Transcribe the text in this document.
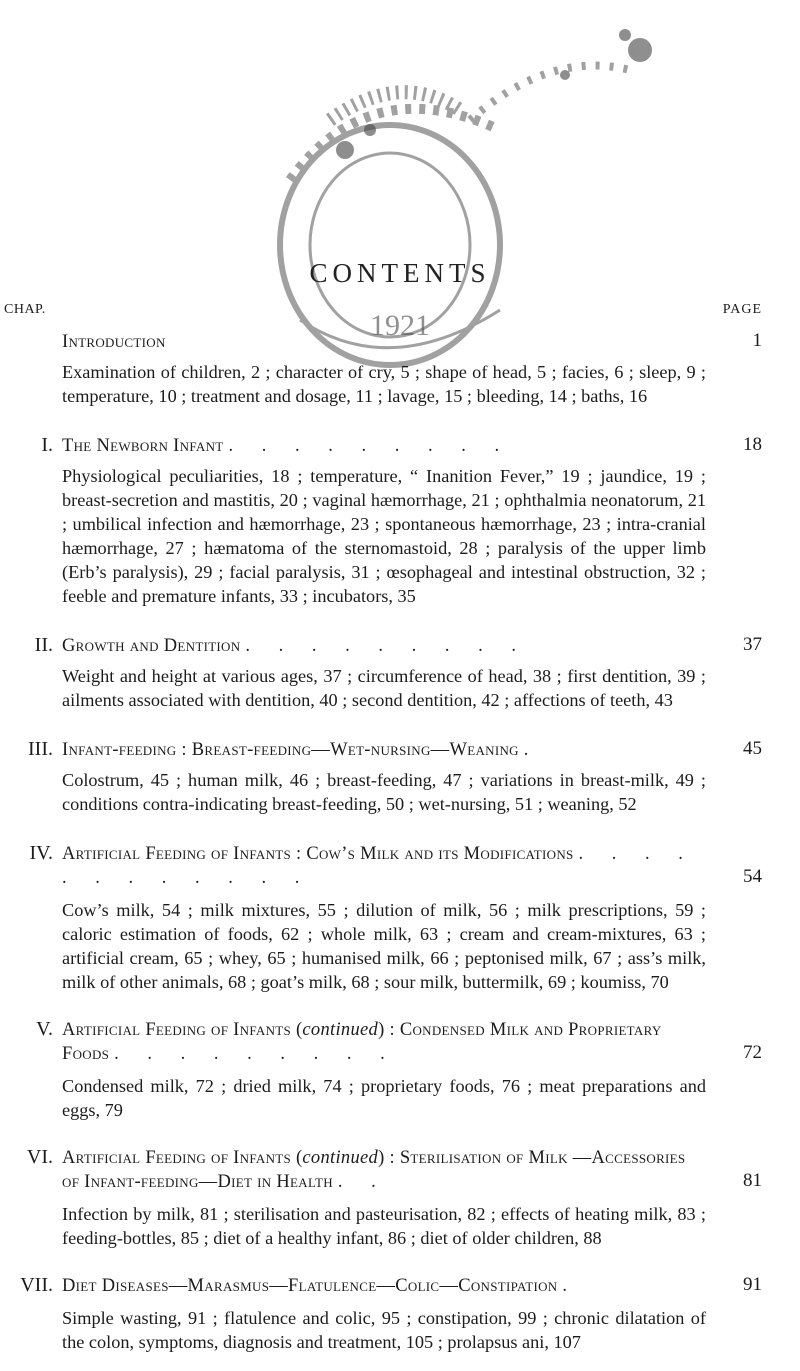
1921
CONTENTS
CHAP.	PAGE
Introduction	1
Examination of children, 2 ; character of cry, 5 ; shape of head, 5 ; facies, 6 ; sleep, 9 ; temperature, 10 ; treatment and dosage, 11 ; lavage, 15 ; bleeding, 14 ; baths, 16
I. The Newborn Infant . . . . . . . . .	18
Physiological peculiarities, 18 ; temperature, “ Inanition Fever,” 19 ; jaundice, 19 ; breast-secretion and mastitis, 20 ; vaginal hæmorrhage, 21 ; ophthalmia neonatorum, 21 ; umbilical infection and hæmorrhage, 23 ; spontaneous hæmorrhage, 23 ; intra-cranial hæmorrhage, 27 ; hæmatoma of the sternomastoid, 28 ; paralysis of the upper limb (Erb’s paralysis), 29 ; facial paralysis, 31 ; œsophageal and intestinal obstruction, 32 ; feeble and premature infants, 33 ; incubators, 35
II. Growth and Dentition . . . . . . . . .	37
Weight and height at various ages, 37 ; circumference of head, 38 ; first dentition, 39 ; ailments associated with dentition, 40 ; second dentition, 42 ; affections of teeth, 43
III. Infant-feeding : Breast-feeding—Wet-nursing—Weaning .	45
Colostrum, 45 ; human milk, 46 ; breast-feeding, 47 ; variations in breast-milk, 49 ; conditions contra-indicating breast-feeding, 50 ; wet-nursing, 51 ; weaning, 52
IV. Artificial Feeding of Infants : Cow’s Milk and its Modifications . . . . . . . . . . . .	54
Cow’s milk, 54 ; milk mixtures, 55 ; dilution of milk, 56 ; milk prescriptions, 59 ; caloric estimation of foods, 62 ; whole milk, 63 ; cream and cream-mixtures, 63 ; artificial cream, 65 ; whey, 65 ; humanised milk, 66 ; peptonised milk, 67 ; ass’s milk, milk of other animals, 68 ; goat’s milk, 68 ; sour milk, buttermilk, 69 ; koumiss, 70
V. Artificial Feeding of Infants (continued) : Condensed Milk and Proprietary Foods . . . . . . . . .	72
Condensed milk, 72 ; dried milk, 74 ; proprietary foods, 76 ; meat preparations and eggs, 79
VI. Artificial Feeding of Infants (continued) : Sterilisation of Milk —Accessories of Infant-feeding—Diet in Health . .	81
Infection by milk, 81 ; sterilisation and pasteurisation, 82 ; effects of heating milk, 83 ; feeding-bottles, 85 ; diet of a healthy infant, 86 ; diet of older children, 88
VII. Diet Diseases—Marasmus—Flatulence—Colic—Constipation .	91
Simple wasting, 91 ; flatulence and colic, 95 ; constipation, 99 ; chronic dilatation of the colon, symptoms, diagnosis and treatment, 105 ; prolapsus ani, 107
